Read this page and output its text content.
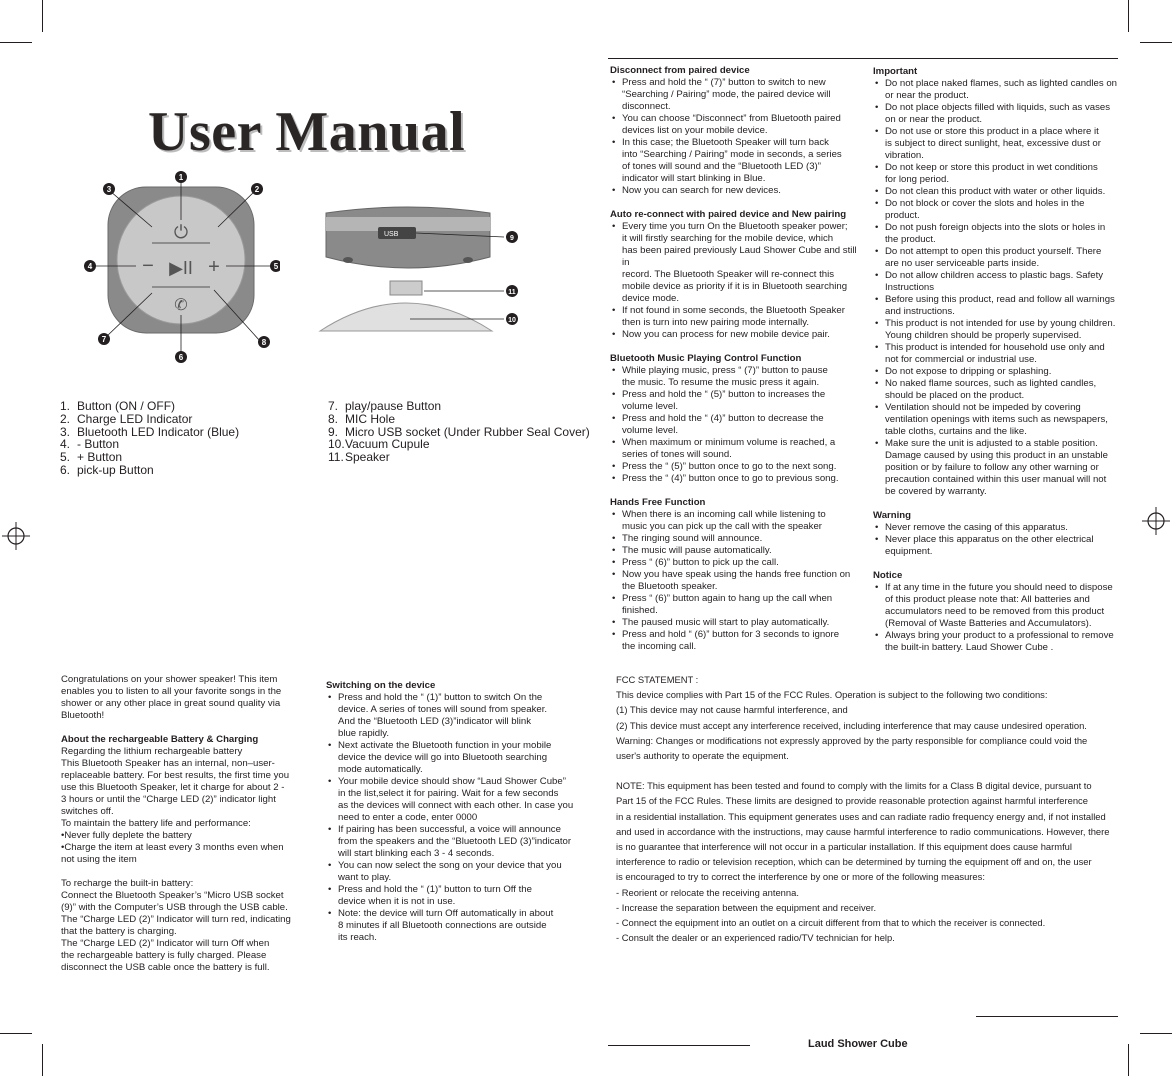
User Manual
⏻
−	+
▶II
✆
1
2
3
4	5
6
7	8
USB
9
11
10
1. Button (ON / OFF)
2. Charge LED Indicator
3. Bluetooth LED Indicator (Blue)
4. - Button
5. + Button
6. pick-up Button
7. play/pause Button
8. MIC Hole
9. Micro USB socket (Under Rubber Seal Cover)
10.Vacuum Cupule
11.Speaker
Congratulations on your shower speaker! This item
enables you to listen to all your favorite songs in the
shower or any other place in great sound quality via
Bluetooth!
About the rechargeable Battery & Charging
Regarding the lithium rechargeable battery
This Bluetooth Speaker has an internal, non–user-
replaceable battery. For best results, the first time you
use this Bluetooth Speaker, let it charge for about 2 -
3 hours or until the “Charge LED (2)” indicator light
switches off.
To maintain the battery life and performance:
•Never fully deplete the battery
•Charge the item at least every 3 months even when
not using the item
To recharge the built-in battery:
Connect the Bluetooth Speaker’s “Micro USB socket
(9)” with the Computer’s USB through the USB cable.
The “Charge LED (2)” Indicator will turn red, indicating
that the battery is charging.
The “Charge LED (2)” Indicator will turn Off when
the rechargeable battery is fully charged. Please
disconnect the USB cable once the battery is full.
Switching on the device
• Press and hold the “ (1)” button to switch On the
device. A series of tones will sound from speaker.
And the “Bluetooth LED (3)”indicator will blink
blue rapidly.
• Next activate the Bluetooth function in your mobile
device the device will go into Bluetooth searching
mode automatically.
• Your mobile device should show “Laud Shower Cube”
in the list,select it for pairing. Wait for a few seconds
as the devices will connect with each other. In case you
need to enter a code, enter 0000
• If pairing has been successful, a voice will announce
from the speakers and the “Bluetooth LED (3)”indicator
will start blinking each 3 - 4 seconds.
• You can now select the song on your device that you
want to play.
• Press and hold the “ (1)” button to turn Off the
device when it is not in use.
• Note: the device will turn Off automatically in about
8 minutes if all Bluetooth connections are outside
its reach.
Disconnect from paired device
• Press and hold the “ (7)” button to switch to new
“Searching / Pairing” mode, the paired device will
disconnect.
• You can choose “Disconnect” from Bluetooth paired
devices list on your mobile device.
• In this case; the Bluetooth Speaker will turn back
into “Searching / Pairing” mode in seconds, a series
of tones will sound and the “Bluetooth LED (3)”
indicator will start blinking in Blue.
• Now you can search for new devices.
Auto re-connect with paired device and New pairing
• Every time you turn On the Bluetooth speaker power;
it will firstly searching for the mobile device, which
has been paired previously Laud Shower Cube and still in
record. The Bluetooth Speaker will re-connect this
mobile device as priority if it is in Bluetooth searching
device mode.
• If not found in some seconds, the Bluetooth Speaker
then is turn into new pairing mode internally.
• Now you can process for new mobile device pair.
Bluetooth Music Playing Control Function
• While playing music, press “ (7)” button to pause
the music. To resume the music press it again.
• Press and hold the “ (5)” button to increases the
volume level.
• Press and hold the “ (4)” button to decrease the
volume level.
• When maximum or minimum volume is reached, a
series of tones will sound.
• Press the “ (5)” button once to go to the next song.
• Press the “ (4)” button once to go to previous song.
Hands Free Function
• When there is an incoming call while listening to
music you can pick up the call with the speaker
• The ringing sound will announce.
• The music will pause automatically.
• Press “ (6)” button to pick up the call.
• Now you have speak using the hands free function on
the Bluetooth speaker.
• Press “ (6)” button again to hang up the call when
finished.
• The paused music will start to play automatically.
• Press and hold “ (6)” button for 3 seconds to ignore
the incoming call.
Important
• Do not place naked flames, such as lighted candles on
or near the product.
• Do not place objects filled with liquids, such as vases
on or near the product.
• Do not use or store this product in a place where it
is subject to direct sunlight, heat, excessive dust or
vibration.
• Do not keep or store this product in wet conditions
for long period.
• Do not clean this product with water or other liquids.
• Do not block or cover the slots and holes in the
product.
• Do not push foreign objects into the slots or holes in
the product.
• Do not attempt to open this product yourself. There
are no user serviceable parts inside.
• Do not allow children access to plastic bags. Safety
Instructions
• Before using this product, read and follow all warnings
and instructions.
• This product is not intended for use by young children.
Young children should be properly supervised.
• This product is intended for household use only and
not for commercial or industrial use.
• Do not expose to dripping or splashing.
• No naked flame sources, such as lighted candles,
should be placed on the product.
• Ventilation should not be impeded by covering
ventilation openings with items such as newspapers,
table cloths, curtains and the like.
• Make sure the unit is adjusted to a stable position.
Damage caused by using this product in an unstable
position or by failure to follow any other warning or
precaution contained within this user manual will not
be covered by warranty.
Warning
• Never remove the casing of this apparatus.
• Never place this apparatus on the other electrical
equipment.
Notice
• If at any time in the future you should need to dispose
of this product please note that: All batteries and
accumulators need to be removed from this product
(Removal of Waste Batteries and Accumulators).
• Always bring your product to a professional to remove
the built-in battery. Laud Shower Cube .
FCC STATEMENT :
This device complies with Part 15 of the FCC Rules. Operation is subject to the following two conditions:
(1) This device may not cause harmful interference, and
(2) This device must accept any interference received, including interference that may cause undesired operation.
Warning: Changes or modifications not expressly approved by the party responsible for compliance could void the
user's authority to operate the equipment.
NOTE: This equipment has been tested and found to comply with the limits for a Class B digital device, pursuant to
Part 15 of the FCC Rules. These limits are designed to provide reasonable protection against harmful interference
in a residential installation. This equipment generates uses and can radiate radio frequency energy and, if not installed
and used in accordance with the instructions, may cause harmful interference to radio communications. However, there
is no guarantee that interference will not occur in a particular installation. If this equipment does cause harmful
interference to radio or television reception, which can be determined by turning the equipment off and on, the user
is encouraged to try to correct the interference by one or more of the following measures:
- Reorient or relocate the receiving antenna.
- Increase the separation between the equipment and receiver.
- Connect the equipment into an outlet on a circuit different from that to which the receiver is connected.
- Consult the dealer or an experienced radio/TV technician for help.
Laud Shower Cube
